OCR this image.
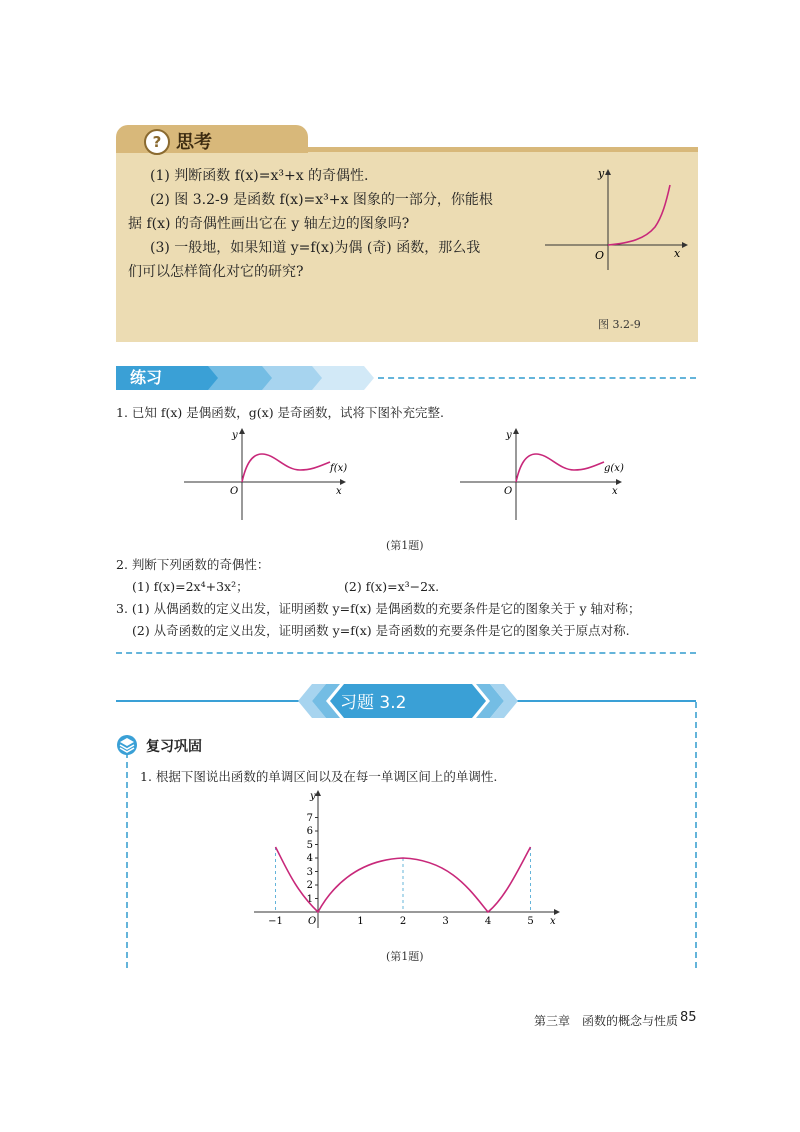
? 思考
(1) 判断函数 f(x)=x³+x 的奇偶性.
(2) 图 3.2-9 是函数 f(x)=x³+x 图象的一部分，你能根
据 f(x) 的奇偶性画出它在 y 轴左边的图象吗?
(3) 一般地，如果知道 y=f(x)为偶 (奇) 函数，那么我
们可以怎样简化对它的研究?
y
x
O
图 3.2-9
练习
1. 已知 f(x) 是偶函数，g(x) 是奇函数，试将下图补充完整.
y
x
O
f(x)
y
x
O
g(x)
(第1题)
2. 判断下列函数的奇偶性：
(1) f(x)=2x⁴+3x²；	(2) f(x)=x³−2x.
3. (1) 从偶函数的定义出发，证明函数 y=f(x) 是偶函数的充要条件是它的图象关于 y 轴对称；
(2) 从奇函数的定义出发，证明函数 y=f(x) 是奇函数的充要条件是它的图象关于原点对称.
习题 3.2
复习巩固
1. 根据下图说出函数的单调区间以及在每一单调区间上的单调性.
1
2
3
4
5
6
7
y
x
O
−1	1	2	3	4	5
(第1题)
第三章　函数的概念与性质 85
